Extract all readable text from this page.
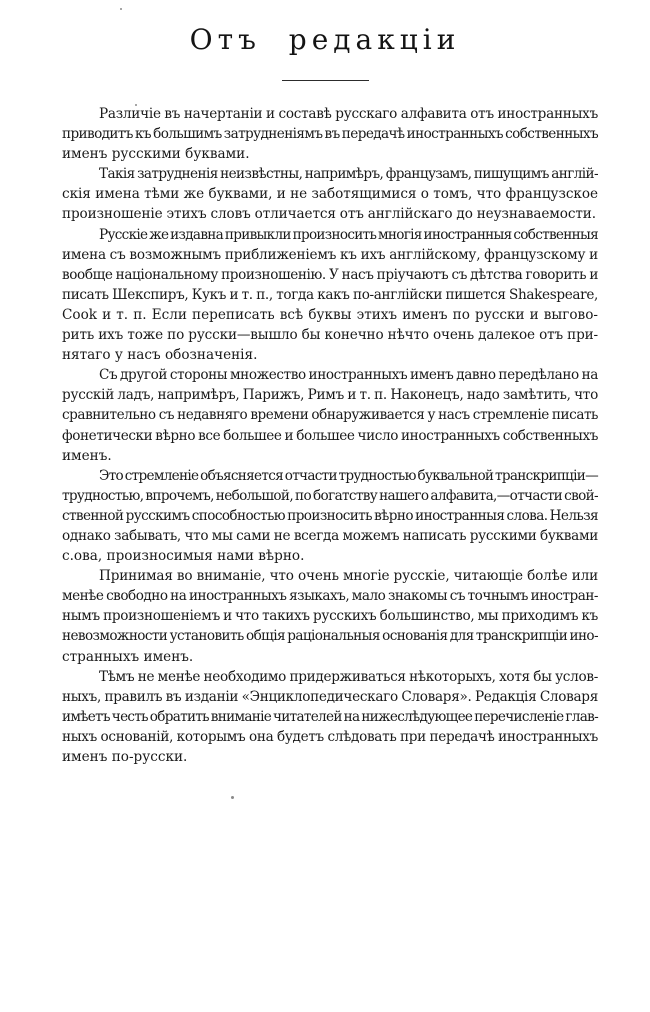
Отъ редакціи
Различіе въ начертаніи и составѣ русскаго алфавита отъ иностранныхъ
приводитъ къ большимъ затрудненіямъ въ передачѣ иностранныхъ собственныхъ
именъ русскими буквами.
Такія затрудненія неизвѣстны, напримѣръ, французамъ, пишущимъ англій-
скія имена тѣми же буквами, и не заботящимися о томъ, что французское
произношеніе этихъ словъ отличается отъ англійскаго до неузнаваемости.
Русскіе же издавна привыкли произносить многія иностранныя собственныя
имена съ возможнымъ приближеніемъ къ ихъ англійскому, французскому и
вообще національному произношенію. У насъ пріучаютъ съ дѣтства говорить и
писать Шекспиръ, Кукъ и т. п., тогда какъ по-англійски пишется Shakespeare,
Cook и т. п. Если переписать всѣ буквы этихъ именъ по русски и выгово-
рить ихъ тоже по русски—вышло бы конечно нѣчто очень далекое отъ при-
нятаго у насъ обозначенія.
Съ другой стороны множество иностранныхъ именъ давно передѣлано на
русскій ладъ, напримѣръ, Парижъ, Римъ и т. п. Наконецъ, надо замѣтить, что
сравнительно съ недавняго времени обнаруживается у насъ стремленіе писать
фонетически вѣрно все большее и большее число иностранныхъ собственныхъ
именъ.
Это стремленіе объясняется отчасти трудностью буквальной транскрипціи—
трудностью, впрочемъ, небольшой, по богатству нашего алфавита,—отчасти свой-
ственной русскимъ способностью произносить вѣрно иностранныя слова. Нельзя
однако забывать, что мы сами не всегда можемъ написать русскими буквами
с.ова, произносимыя нами вѣрно.
Принимая во вниманіе, что очень многіе русскіе, читающіе болѣе или
менѣе свободно на иностранныхъ языкахъ, мало знакомы съ точнымъ иностран-
нымъ произношеніемъ и что такихъ русскихъ большинство, мы приходимъ къ
невозможности установить общія раціональныя основанія для транскрипціи ино-
странныхъ именъ.
Тѣмъ не менѣе необходимо придерживаться нѣкоторыхъ, хотя бы услов-
ныхъ, правилъ въ изданіи «Энциклопедическаго Словаря». Редакція Словаря
имѣетъ честь обратить вниманіе читателей на нижеслѣдующее перечисленіе глав-
ныхъ основаній, которымъ она будетъ слѣдовать при передачѣ иностранныхъ
именъ по-русски.
